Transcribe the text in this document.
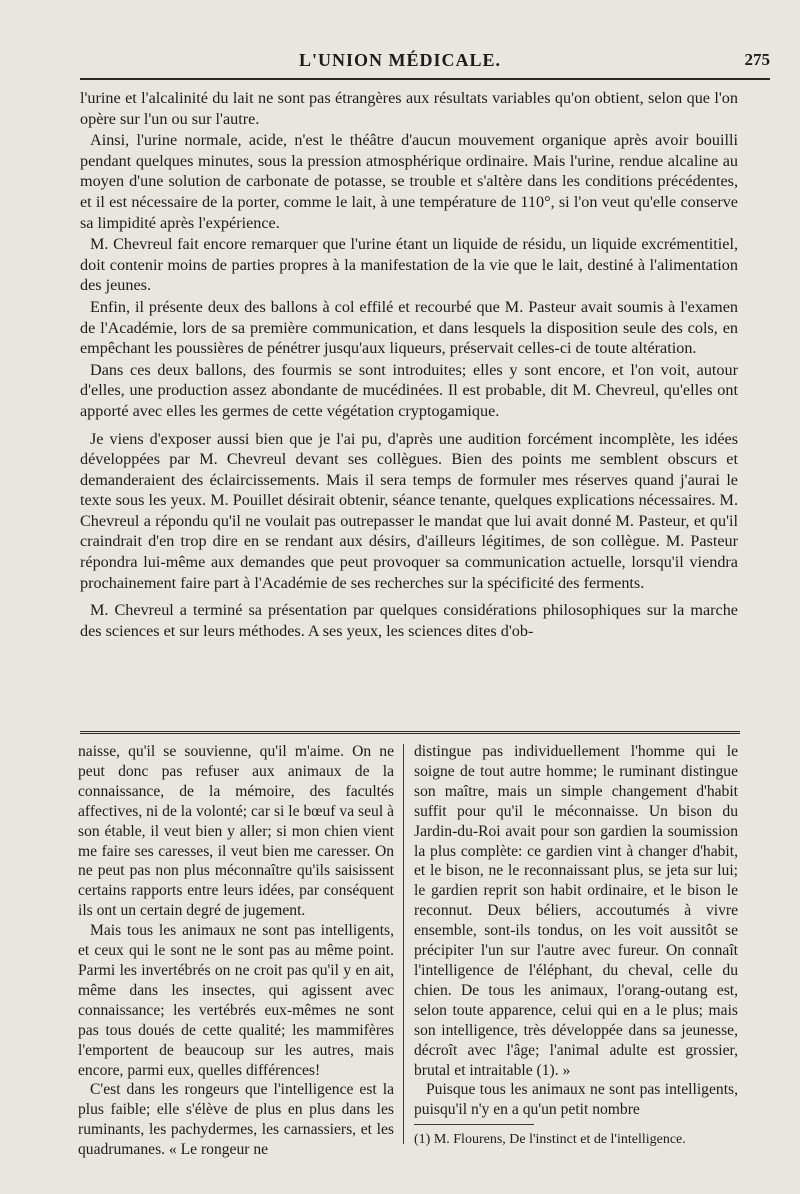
L'UNION MÉDICALE.	275

l'urine et l'alcalinité du lait ne sont pas étrangères aux résultats variables qu'on obtient, selon que l'on opère sur l'un ou sur l'autre.

Ainsi, l'urine normale, acide, n'est le théâtre d'aucun mouvement organique après avoir bouilli pendant quelques minutes, sous la pression atmosphérique ordinaire. Mais l'urine, rendue alcaline au moyen d'une solution de carbonate de potasse, se trouble et s'altère dans les conditions précédentes, et il est nécessaire de la porter, comme le lait, à une température de 110°, si l'on veut qu'elle conserve sa limpidité après l'expérience.

M. Chevreul fait encore remarquer que l'urine étant un liquide de résidu, un liquide excrémentitiel, doit contenir moins de parties propres à la manifestation de la vie que le lait, destiné à l'alimentation des jeunes.

Enfin, il présente deux des ballons à col effilé et recourbé que M. Pasteur avait soumis à l'examen de l'Académie, lors de sa première communication, et dans lesquels la disposition seule des cols, en empêchant les poussières de pénétrer jusqu'aux liqueurs, préservait celles-ci de toute altération.

Dans ces deux ballons, des fourmis se sont introduites; elles y sont encore, et l'on voit, autour d'elles, une production assez abondante de mucédinées. Il est probable, dit M. Chevreul, qu'elles ont apporté avec elles les germes de cette végétation cryptogamique.

Je viens d'exposer aussi bien que je l'ai pu, d'après une audition forcément incomplète, les idées développées par M. Chevreul devant ses collègues. Bien des points me semblent obscurs et demanderaient des éclaircissements. Mais il sera temps de formuler mes réserves quand j'aurai le texte sous les yeux. M. Pouillet désirait obtenir, séance tenante, quelques explications nécessaires. M. Chevreul a répondu qu'il ne voulait pas outrepasser le mandat que lui avait donné M. Pasteur, et qu'il craindrait d'en trop dire en se rendant aux désirs, d'ailleurs légitimes, de son collègue. M. Pasteur répondra lui-même aux demandes que peut provoquer sa communication actuelle, lorsqu'il viendra prochainement faire part à l'Académie de ses recherches sur la spécificité des ferments.

M. Chevreul a terminé sa présentation par quelques considérations philosophiques sur la marche des sciences et sur leurs méthodes. A ses yeux, les sciences dites d'ob-

naisse, qu'il se souvienne, qu'il m'aime. On ne peut donc pas refuser aux animaux de la connaissance, de la mémoire, des facultés affectives, ni de la volonté; car si le bœuf va seul à son étable, il veut bien y aller; si mon chien vient me faire ses caresses, il veut bien me caresser. On ne peut pas non plus méconnaître qu'ils saisissent certains rapports entre leurs idées, par conséquent ils ont un certain degré de jugement.

Mais tous les animaux ne sont pas intelligents, et ceux qui le sont ne le sont pas au même point. Parmi les invertébrés on ne croit pas qu'il y en ait, même dans les insectes, qui agissent avec connaissance; les vertébrés eux-mêmes ne sont pas tous doués de cette qualité; les mammifères l'emportent de beaucoup sur les autres, mais encore, parmi eux, quelles différences!

C'est dans les rongeurs que l'intelligence est la plus faible; elle s'élève de plus en plus dans les ruminants, les pachydermes, les carnassiers, et les quadrumanes. « Le rongeur ne

distingue pas individuellement l'homme qui le soigne de tout autre homme; le ruminant distingue son maître, mais un simple changement d'habit suffit pour qu'il le méconnaisse. Un bison du Jardin-du-Roi avait pour son gardien la soumission la plus complète: ce gardien vint à changer d'habit, et le bison, ne le reconnaissant plus, se jeta sur lui; le gardien reprit son habit ordinaire, et le bison le reconnut. Deux béliers, accoutumés à vivre ensemble, sont-ils tondus, on les voit aussitôt se précipiter l'un sur l'autre avec fureur. On connaît l'intelligence de l'éléphant, du cheval, celle du chien. De tous les animaux, l'orang-outang est, selon toute apparence, celui qui en a le plus; mais son intelligence, très développée dans sa jeunesse, décroît avec l'âge; l'animal adulte est grossier, brutal et intraitable (1). »

Puisque tous les animaux ne sont pas intelligents, puisqu'il n'y en a qu'un petit nombre

(1) M. Flourens, De l'instinct et de l'intelligence.
